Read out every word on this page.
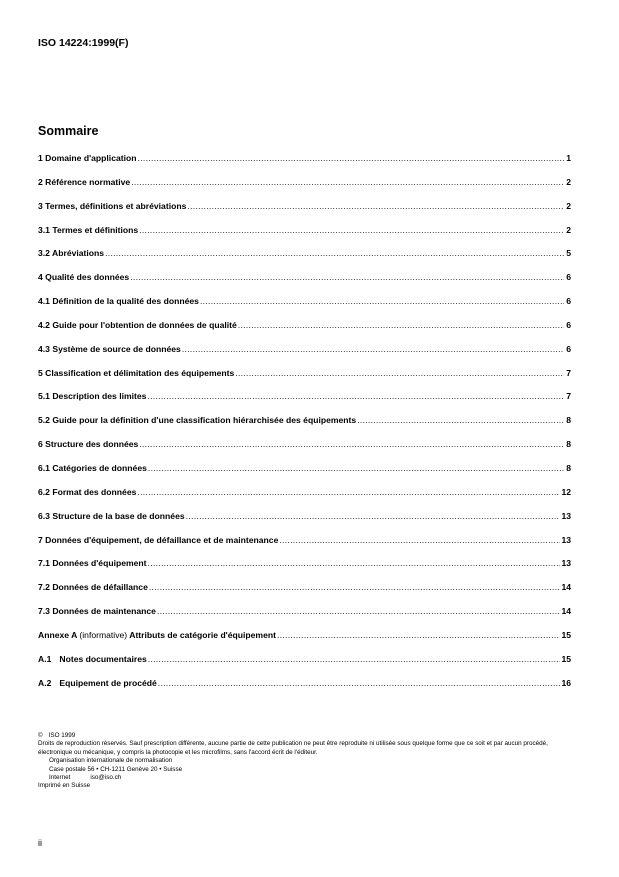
ISO 14224:1999(F)
Sommaire
1 Domaine d'application .....	1
2 Référence normative .....	2
3 Termes, définitions et abréviations .....	2
3.1 Termes et définitions .....	2
3.2 Abréviations .....	5
4 Qualité des données .....	6
4.1 Définition de la qualité des données .....	6
4.2 Guide pour l'obtention de données de qualité .....	6
4.3 Système de source de données .....	6
5 Classification et délimitation des équipements .....	7
5.1 Description des limites .....	7
5.2 Guide pour la définition d'une classification hiérarchisée des équipements .....	8
6 Structure des données .....	8
6.1 Catégories de données .....	8
6.2 Format des données .....	12
6.3 Structure de la base de données .....	13
7 Données d'équipement, de défaillance et de maintenance .....	13
7.1 Données d'équipement .....	13
7.2 Données de défaillance .....	14
7.3 Données de maintenance .....	14
Annexe A (informative) Attributs de catégorie d'équipement .....	15
A.1 Notes documentaires .....	15
A.2 Equipement de procédé .....	16
© ISO 1999
Droits de reproduction réservés. Sauf prescription différente, aucune partie de cette publication ne peut être reproduite ni utilisée sous quelque forme que ce soit et par aucun procédé, électronique ou mécanique, y compris la photocopie et les microfilms, sans l'accord écrit de l'éditeur.
Organisation internationale de normalisation
Case postale 56 • CH-1211 Genève 20 • Suisse
Internet	iso@iso.ch
Imprimé en Suisse
ii
